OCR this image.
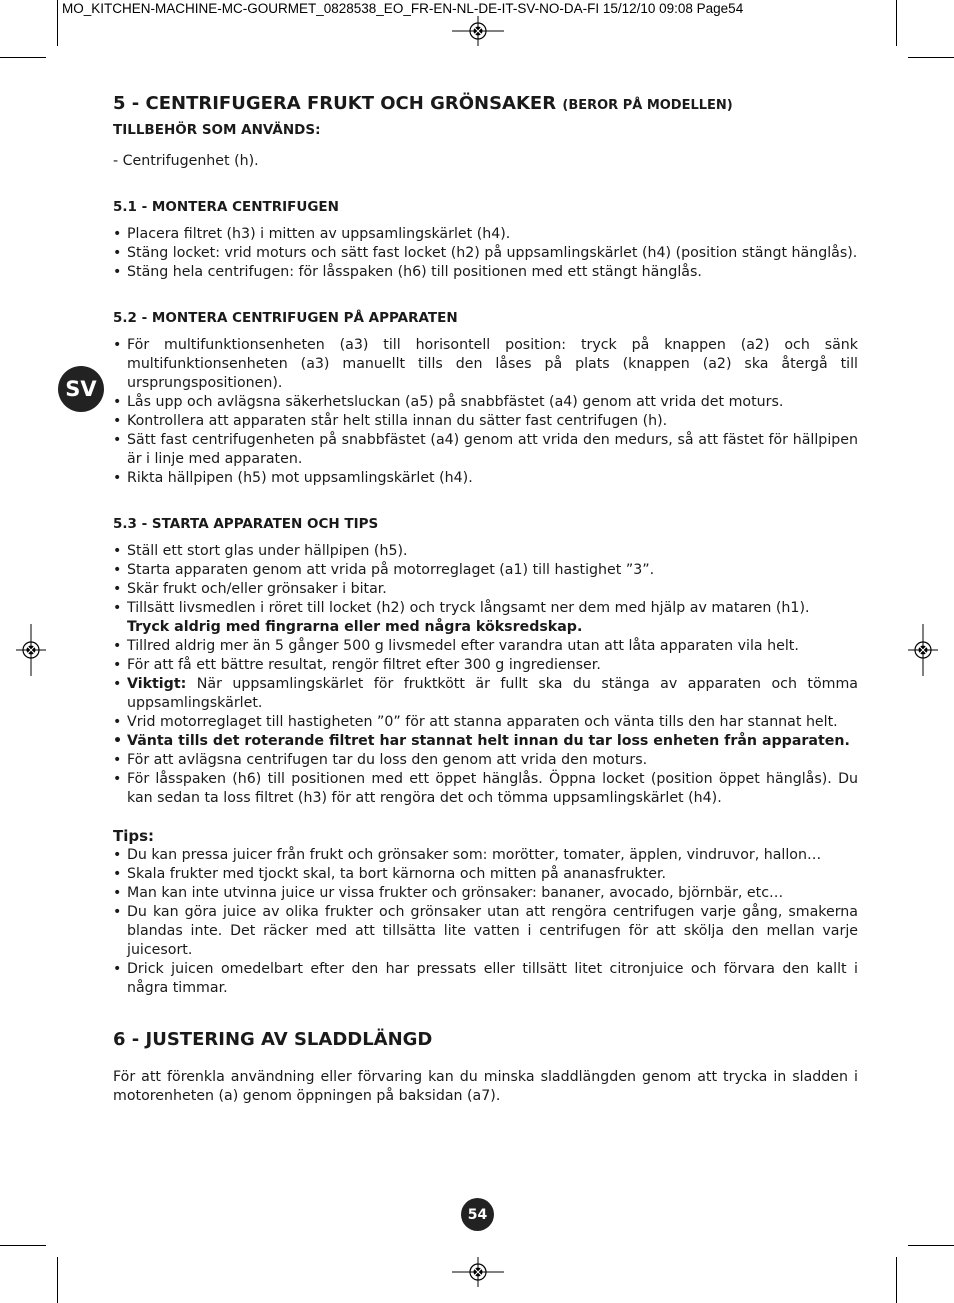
MO_KITCHEN-MACHINE-MC-GOURMET_0828538_EO_FR-EN-NL-DE-IT-SV-NO-DA-FI 15/12/10 09:08 Page54
SV
5 - CENTRIFUGERA FRUKT OCH GRÖNSAKER (BEROR PÅ MODELLEN)
TILLBEHÖR SOM ANVÄNDS:

- Centrifugenhet (h).

5.1 - MONTERA CENTRIFUGEN
• Placera filtret (h3) i mitten av uppsamlingskärlet (h4).
• Stäng locket: vrid moturs och sätt fast locket (h2) på uppsamlingskärlet (h4) (position stängt hänglås).
• Stäng hela centrifugen: för låsspaken (h6) till positionen med ett stängt hänglås.
5.2 - MONTERA CENTRIFUGEN PÅ APPARATEN
• För multifunktionsenheten (a3) till horisontell position: tryck på knappen (a2) och sänk multifunktionsenheten (a3) manuellt tills den låses på plats (knappen (a2) ska återgå till ursprungspositionen).
• Lås upp och avlägsna säkerhetsluckan (a5) på snabbfästet (a4) genom att vrida det moturs.
• Kontrollera att apparaten står helt stilla innan du sätter fast centrifugen (h).
• Sätt fast centrifugenheten på snabbfästet (a4) genom att vrida den medurs, så att fästet för hällpipen är i linje med apparaten.
• Rikta hällpipen (h5) mot uppsamlingskärlet (h4).
5.3 - STARTA APPARATEN OCH TIPS
• Ställ ett stort glas under hällpipen (h5).
• Starta apparaten genom att vrida på motorreglaget (a1) till hastighet ”3”.
• Skär frukt och/eller grönsaker i bitar.
• Tillsätt livsmedlen i röret till locket (h2) och tryck långsamt ner dem med hjälp av mataren (h1).
Tryck aldrig med fingrarna eller med några köksredskap.
• Tillred aldrig mer än 5 gånger 500 g livsmedel efter varandra utan att låta apparaten vila helt.
• För att få ett bättre resultat, rengör filtret efter 300 g ingredienser.
• Viktigt: När uppsamlingskärlet för fruktkött är fullt ska du stänga av apparaten och tömma uppsamlingskärlet.
• Vrid motorreglaget till hastigheten ”0” för att stanna apparaten och vänta tills den har stannat helt.
• Vänta tills det roterande filtret har stannat helt innan du tar loss enheten från apparaten.
• För att avlägsna centrifugen tar du loss den genom att vrida den moturs.
• För låsspaken (h6) till positionen med ett öppet hänglås. Öppna locket (position öppet hänglås). Du kan sedan ta loss filtret (h3) för att rengöra det och tömma uppsamlingskärlet (h4).
Tips:
• Du kan pressa juicer från frukt och grönsaker som: morötter, tomater, äpplen, vindruvor, hallon…
• Skala frukter med tjockt skal, ta bort kärnorna och mitten på ananasfrukter.
• Man kan inte utvinna juice ur vissa frukter och grönsaker: bananer, avocado, björnbär, etc…
• Du kan göra juice av olika frukter och grönsaker utan att rengöra centrifugen varje gång, smakerna blandas inte. Det räcker med att tillsätta lite vatten i centrifugen för att skölja den mellan varje juicesort.
• Drick juicen omedelbart efter den har pressats eller tillsätt litet citronjuice och förvara den kallt i några timmar.
6 - JUSTERING AV SLADDLÄNGD

För att förenkla användning eller förvaring kan du minska sladdlängden genom att trycka in sladden i motorenheten (a) genom öppningen på baksidan (a7).

54
